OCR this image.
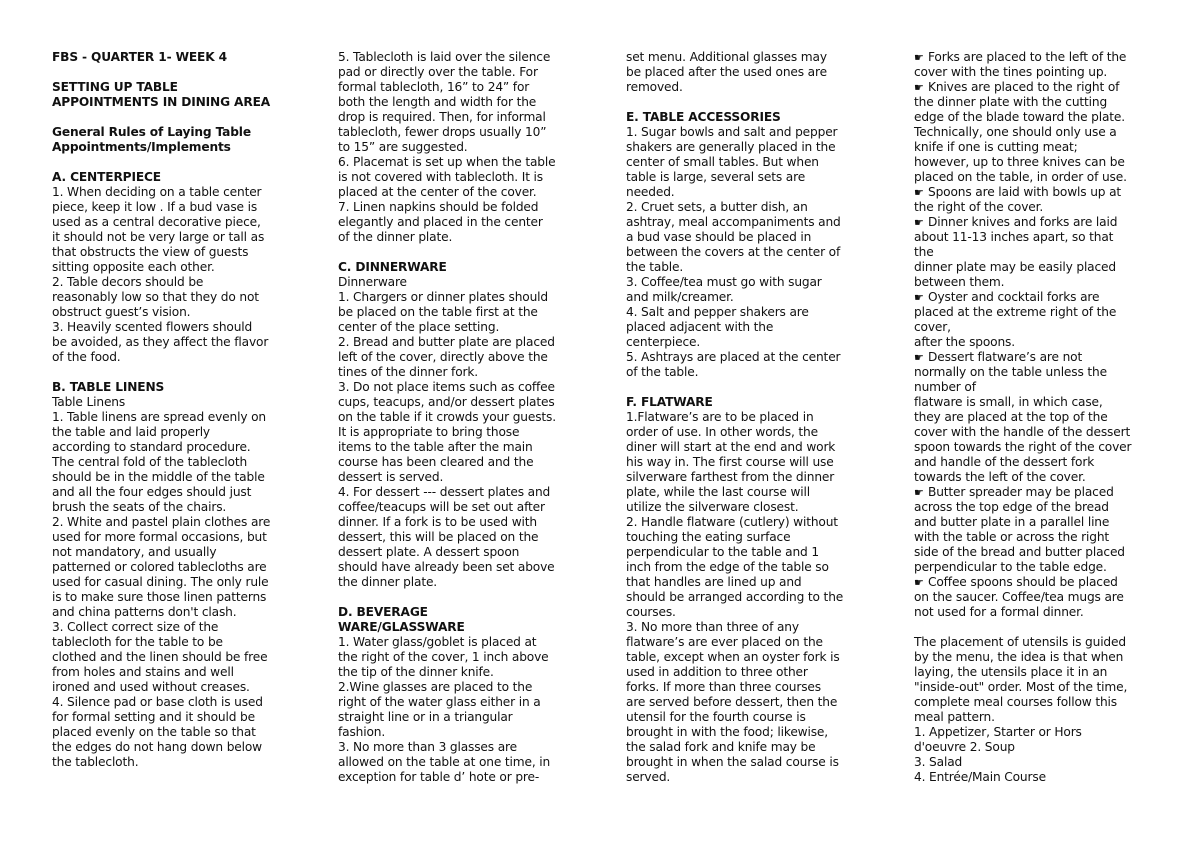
FBS - QUARTER 1- WEEK 4
SETTING UP TABLE
APPOINTMENTS IN DINING AREA
General Rules of Laying Table
Appointments/Implements
A. CENTERPIECE
1. When deciding on a table center
piece, keep it low . If a bud vase is
used as a central decorative piece,
it should not be very large or tall as
that obstructs the view of guests
sitting opposite each other.
2. Table decors should be
reasonably low so that they do not
obstruct guest’s vision.
3. Heavily scented flowers should
be avoided, as they affect the flavor
of the food.
B. TABLE LINENS
Table Linens
1. Table linens are spread evenly on
the table and laid properly
according to standard procedure.
The central fold of the tablecloth
should be in the middle of the table
and all the four edges should just
brush the seats of the chairs.
2. White and pastel plain clothes are
used for more formal occasions, but
not mandatory, and usually
patterned or colored tablecloths are
used for casual dining. The only rule
is to make sure those linen patterns
and china patterns don't clash.
3. Collect correct size of the
tablecloth for the table to be
clothed and the linen should be free
from holes and stains and well
ironed and used without creases.
4. Silence pad or base cloth is used
for formal setting and it should be
placed evenly on the table so that
the edges do not hang down below
the tablecloth.
5. Tablecloth is laid over the silence
pad or directly over the table. For
formal tablecloth, 16” to 24” for
both the length and width for the
drop is required. Then, for informal
tablecloth, fewer drops usually 10”
to 15” are suggested.
6. Placemat is set up when the table
is not covered with tablecloth. It is
placed at the center of the cover.
7. Linen napkins should be folded
elegantly and placed in the center
of the dinner plate.
C. DINNERWARE
Dinnerware
1. Chargers or dinner plates should
be placed on the table first at the
center of the place setting.
2. Bread and butter plate are placed
left of the cover, directly above the
tines of the dinner fork.
3. Do not place items such as coffee
cups, teacups, and/or dessert plates
on the table if it crowds your guests.
It is appropriate to bring those
items to the table after the main
course has been cleared and the
dessert is served.
4. For dessert --- dessert plates and
coffee/teacups will be set out after
dinner. If a fork is to be used with
dessert, this will be placed on the
dessert plate. A dessert spoon
should have already been set above
the dinner plate.
D. BEVERAGE
WARE/GLASSWARE
1. Water glass/goblet is placed at
the right of the cover, 1 inch above
the tip of the dinner knife.
2.Wine glasses are placed to the
right of the water glass either in a
straight line or in a triangular
fashion.
3. No more than 3 glasses are
allowed on the table at one time, in
exception for table d’ hote or pre-
set menu. Additional glasses may
be placed after the used ones are
removed.
E. TABLE ACCESSORIES
1. Sugar bowls and salt and pepper
shakers are generally placed in the
center of small tables. But when
table is large, several sets are
needed.
2. Cruet sets, a butter dish, an
ashtray, meal accompaniments and
a bud vase should be placed in
between the covers at the center of
the table.
3. Coffee/tea must go with sugar
and milk/creamer.
4. Salt and pepper shakers are
placed adjacent with the
centerpiece.
5. Ashtrays are placed at the center
of the table.
F. FLATWARE
1.Flatware’s are to be placed in
order of use. In other words, the
diner will start at the end and work
his way in. The first course will use
silverware farthest from the dinner
plate, while the last course will
utilize the silverware closest.
2. Handle flatware (cutlery) without
touching the eating surface
perpendicular to the table and 1
inch from the edge of the table so
that handles are lined up and
should be arranged according to the
courses.
3. No more than three of any
flatware’s are ever placed on the
table, except when an oyster fork is
used in addition to three other
forks. If more than three courses
are served before dessert, then the
utensil for the fourth course is
brought in with the food; likewise,
the salad fork and knife may be
brought in when the salad course is
served.
☛ Forks are placed to the left of the
cover with the tines pointing up.
☛ Knives are placed to the right of
the dinner plate with the cutting
edge of the blade toward the plate.
Technically, one should only use a
knife if one is cutting meat;
however, up to three knives can be
placed on the table, in order of use.
☛ Spoons are laid with bowls up at
the right of the cover.
☛ Dinner knives and forks are laid
about 11-13 inches apart, so that
the
dinner plate may be easily placed
between them.
☛ Oyster and cocktail forks are
placed at the extreme right of the
cover,
after the spoons.
☛ Dessert flatware’s are not
normally on the table unless the
number of
flatware is small, in which case,
they are placed at the top of the
cover with the handle of the dessert
spoon towards the right of the cover
and handle of the dessert fork
towards the left of the cover.
☛ Butter spreader may be placed
across the top edge of the bread
and butter plate in a parallel line
with the table or across the right
side of the bread and butter placed
perpendicular to the table edge.
☛ Coffee spoons should be placed
on the saucer. Coffee/tea mugs are
not used for a formal dinner.
The placement of utensils is guided
by the menu, the idea is that when
laying, the utensils place it in an
"inside-out" order. Most of the time,
complete meal courses follow this
meal pattern.
1. Appetizer, Starter or Hors
d'oeuvre 2. Soup
3. Salad
4. Entrée/Main Course
